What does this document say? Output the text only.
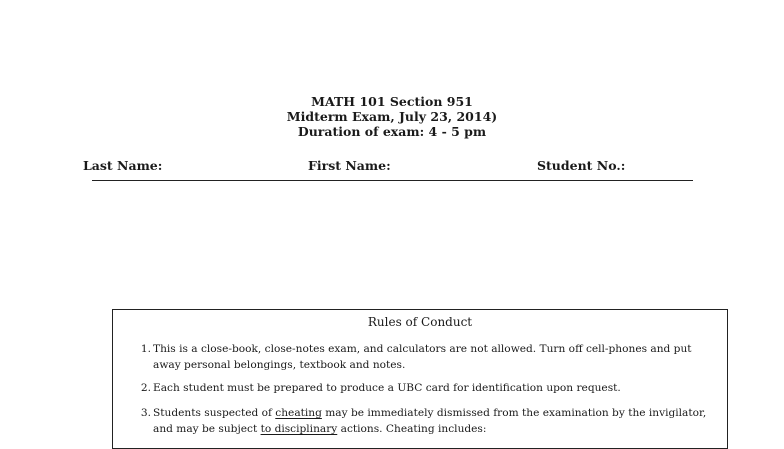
MATH 101 Section 951
Midterm Exam, July 23, 2014)
Duration of exam: 4 - 5 pm
Last Name:	First Name:	Student No.:
Rules of Conduct
1. This is a close-book, close-notes exam, and calculators are not allowed. Turn off cell-phones and put away personal belongings, textbook and notes.
2. Each student must be prepared to produce a UBC card for identification upon request.
3. Students suspected of cheating may be immediately dismissed from the examination by the invigilator, and may be subject to disciplinary actions. Cheating includes:
